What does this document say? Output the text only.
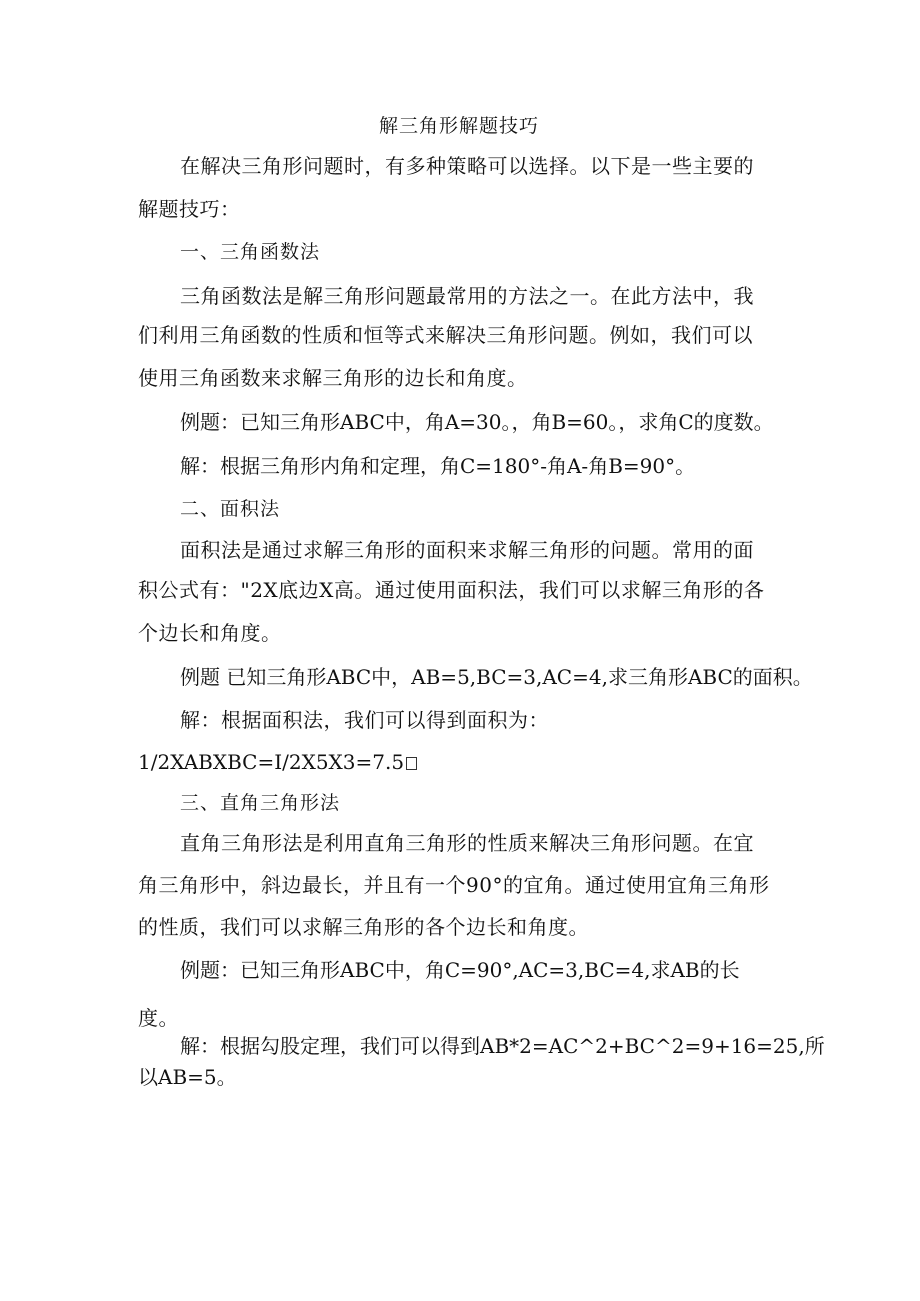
解三角形解题技巧
在解决三角形问题时，有多种策略可以选择。以下是一些主要的
解题技巧：
一、三角函数法
三角函数法是解三角形问题最常用的方法之一。在此方法中，我
们利用三角函数的性质和恒等式来解决三角形问题。例如，我们可以
使用三角函数来求解三角形的边长和角度。
例题：已知三角形ABC中，角A=30。，角B=60。，求角C的度数。
解：根据三角形内角和定理，角C=180°-角A-角B=90°。
二、面积法
面积法是通过求解三角形的面积来求解三角形的问题。常用的面
积公式有："2X底边X高。通过使用面积法，我们可以求解三角形的各
个边长和角度。
例题 已知三角形ABC中，AB=5,BC=3,AC=4,求三角形ABC的面积。
解：根据面积法，我们可以得到面积为：
1/2XABXBC=I/2X5X3=7.5
三、直角三角形法
直角三角形法是利用直角三角形的性质来解决三角形问题。在宜
角三角形中，斜边最长，并且有一个90°的宜角。通过使用宜角三角形
的性质，我们可以求解三角形的各个边长和角度。
例题：已知三角形ABC中，角C=90°,AC=3,BC=4,求AB的长
度。
解：根据勾股定理，我们可以得到AB*2=AC^2+BC^2=9+16=25,所
以AB=5。
